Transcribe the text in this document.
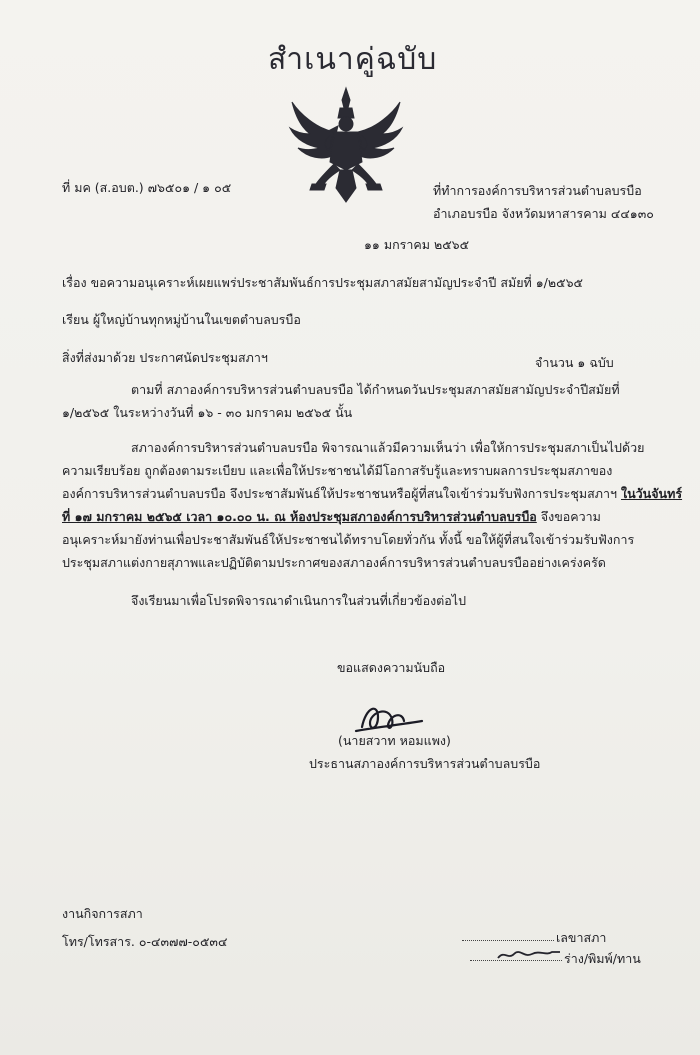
สำเนาคู่ฉบับ
ที่ มค (ส.อบต.) ๗๖๕๐๑ / ๑ ๐๕	ที่ทำการองค์การบริหารส่วนตำบลบรบือ
อำเภอบรบือ จังหวัดมหาสารคาม ๔๔๑๓๐
๑๑ มกราคม ๒๕๖๕
เรื่อง ขอความอนุเคราะห์เผยแพร่ประชาสัมพันธ์การประชุมสภาสมัยสามัญประจำปี สมัยที่ ๑/๒๕๖๕
เรียน ผู้ใหญ่บ้านทุกหมู่บ้านในเขตตำบลบรบือ
สิ่งที่ส่งมาด้วย ประกาศนัดประชุมสภาฯ	จำนวน ๑ ฉบับ
ตามที่ สภาองค์การบริหารส่วนตำบลบรบือ ได้กำหนดวันประชุมสภาสมัยสามัญประจำปีสมัยที่
๑/๒๕๖๕ ในระหว่างวันที่ ๑๖ - ๓๐ มกราคม ๒๕๖๕ นั้น
สภาองค์การบริหารส่วนตำบลบรบือ พิจารณาแล้วมีความเห็นว่า เพื่อให้การประชุมสภาเป็นไปด้วย
ความเรียบร้อย ถูกต้องตามระเบียบ และเพื่อให้ประชาชนได้มีโอกาสรับรู้และทราบผลการประชุมสภาของ
องค์การบริหารส่วนตำบลบรบือ จึงประชาสัมพันธ์ให้ประชาชนหรือผู้ที่สนใจเข้าร่วมรับฟังการประชุมสภาฯ ในวันจันทร์
ที่ ๑๗ มกราคม ๒๕๖๕ เวลา ๑๐.๐๐ น. ณ ห้องประชุมสภาองค์การบริหารส่วนตำบลบรบือ จึงขอความ
อนุเคราะห์มายังท่านเพื่อประชาสัมพันธ์ให้ประชาชนได้ทราบโดยทั่วกัน ทั้งนี้ ขอให้ผู้ที่สนใจเข้าร่วมรับฟังการ
ประชุมสภาแต่งกายสุภาพและปฏิบัติตามประกาศของสภาองค์การบริหารส่วนตำบลบรบืออย่างเคร่งครัด
จึงเรียนมาเพื่อโปรดพิจารณาดำเนินการในส่วนที่เกี่ยวข้องต่อไป
ขอแสดงความนับถือ
(นายสวาท หอมแพง)
ประธานสภาองค์การบริหารส่วนตำบลบรบือ
งานกิจการสภา
โทร/โทรสาร. ๐-๔๓๗๗-๐๕๓๔	เลขาสภา
ร่าง/พิมพ์/ทาน
